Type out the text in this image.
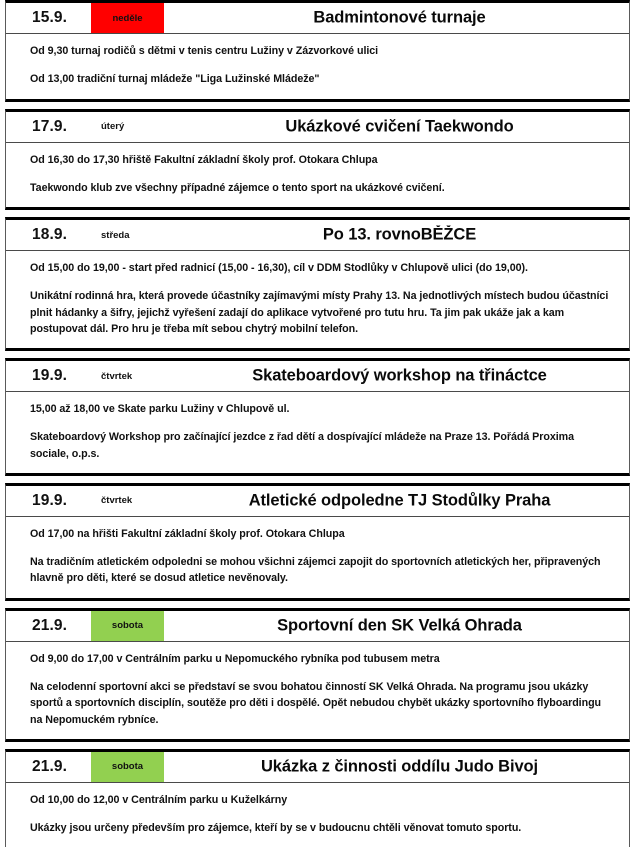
15.9.	neděle	Badmintonové turnaje

Od 9,30 turnaj rodičů s dětmi v tenis centru Lužiny v Zázvorkové ulici

Od 13,00 tradiční turnaj mládeže "Liga Lužinské Mládeže"

17.9.	úterý	Ukázkové cvičení Taekwondo

Od 16,30 do 17,30 hřiště Fakultní základní školy prof. Otokara Chlupa

Taekwondo klub zve všechny případné zájemce o tento sport na ukázkové cvičení.

18.9.	středa	Po 13. rovnoBĚŽCE

Od 15,00 do 19,00 - start před radnicí (15,00 - 16,30), cíl v DDM Stodlůky v Chlupově ulici (do 19,00).

Unikátní rodinná hra, která provede účastníky zajímavými místy Prahy 13. Na jednotlivých místech budou účastníci plnit hádanky a šifry, jejichž vyřešení zadají do aplikace vytvořené pro tutu hru. Ta jim pak ukáže jak a kam postupovat dál. Pro hru je třeba mít sebou chytrý mobilní telefon.

19.9.	čtvrtek	Skateboardový workshop na třináctce

15,00 až 18,00 ve Skate parku Lužiny v Chlupově ul.

Skateboardový Workshop pro začínající jezdce z řad dětí a dospívající mládeže na Praze 13. Pořádá Proxima sociale, o.p.s.

19.9.	čtvrtek	Atletické odpoledne TJ Stodůlky Praha

Od 17,00 na hřišti Fakultní základní školy prof. Otokara Chlupa

Na tradičním atletickém odpoledni se mohou všichni zájemci zapojit do sportovních atletických her, připravených hlavně pro děti, které se dosud atletice nevěnovaly.

21.9.	sobota	Sportovní den SK Velká Ohrada

Od 9,00 do 17,00 v Centrálním parku u Nepomuckého rybníka pod tubusem metra

Na celodenní sportovní akci se představí se svou bohatou činností SK Velká Ohrada. Na programu jsou ukázky sportů a sportovních disciplín, soutěže pro děti i dospělé. Opět nebudou chybět ukázky sportovního flyboardingu na Nepomuckém rybníce.

21.9.	sobota	Ukázka z činnosti oddílu Judo Bivoj

Od 10,00 do 12,00 v Centrálním parku u Kuželkárny

Ukázky jsou určeny především pro zájemce, kteří by se v budoucnu chtěli věnovat tomuto sportu.
